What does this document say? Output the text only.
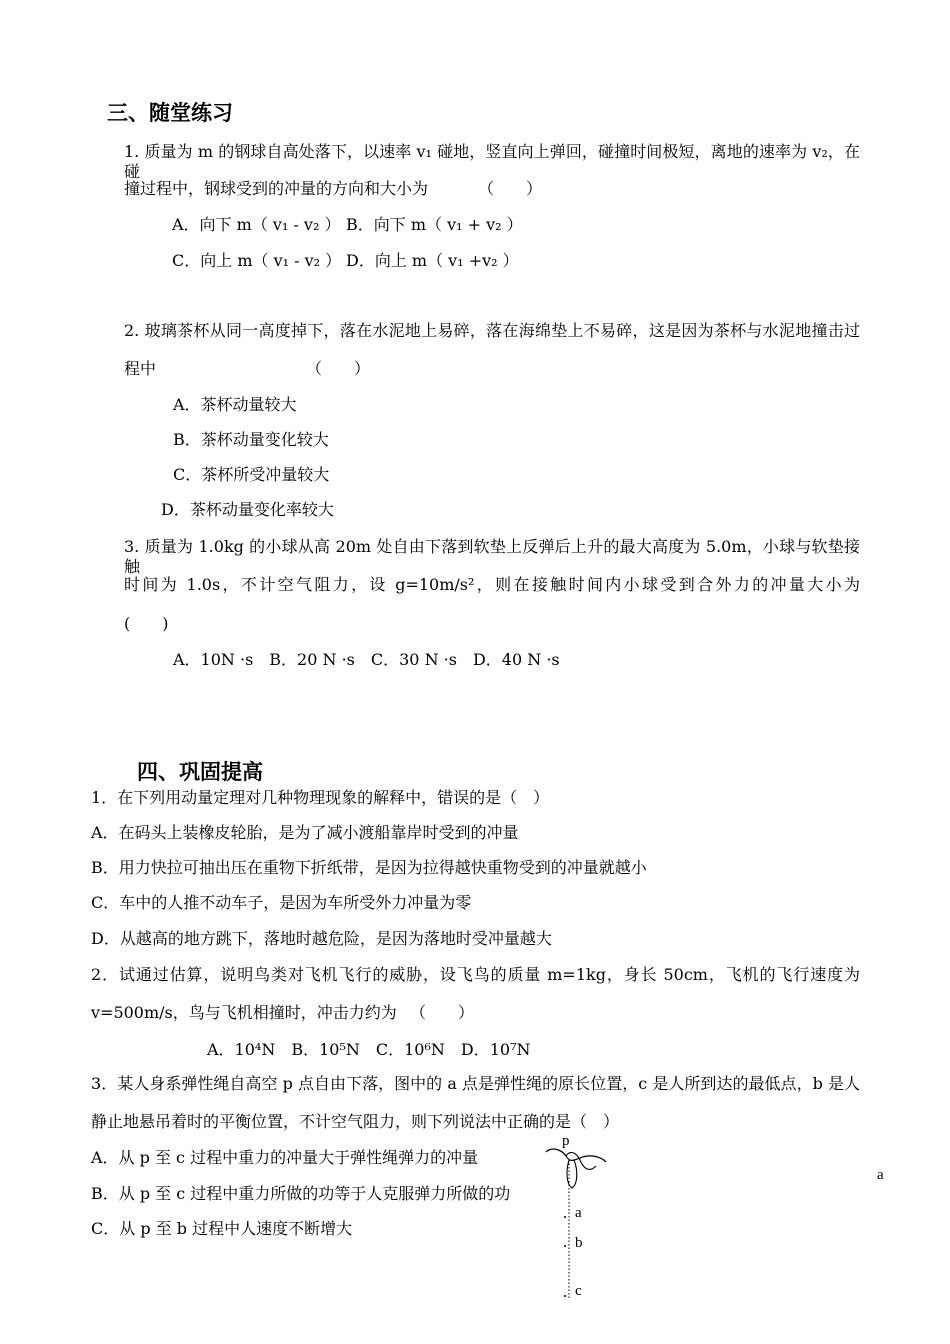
三、随堂练习
1. 质量为 m 的钢球自高处落下，以速率 v₁ 碰地，竖直向上弹回，碰撞时间极短，离地的速率为 v₂，在碰
撞过程中，钢球受到的冲量的方向和大小为	（　　）
A．向下 m（ v₁ - v₂ ） B．向下 m（ v₁ + v₂ ）
C．向上 m（ v₁ - v₂ ） D．向上 m（ v₁ +v₂ ）
2. 玻璃茶杯从同一高度掉下，落在水泥地上易碎，落在海绵垫上不易碎，这是因为茶杯与水泥地撞击过
程中	（　　）
A．茶杯动量较大
B．茶杯动量变化较大
C．茶杯所受冲量较大
D．茶杯动量变化率较大
3. 质量为 1.0kg 的小球从高 20m 处自由下落到软垫上反弹后上升的最大高度为 5.0m，小球与软垫接触
时间为 1.0s，不计空气阻力，设 g=10m/s²，则在接触时间内小球受到合外力的冲量大小为
(　　)
A．10N ·s　B．20 N ·s　C．30 N ·s　D．40 N ·s
四、巩固提高
1．在下列用动量定理对几种物理现象的解释中，错误的是（　）
A．在码头上装橡皮轮胎，是为了减小渡船靠岸时受到的冲量
B．用力快拉可抽出压在重物下折纸带，是因为拉得越快重物受到的冲量就越小
C．车中的人推不动车子，是因为车所受外力冲量为零
D．从越高的地方跳下，落地时越危险，是因为落地时受冲量越大
2．试通过估算，说明鸟类对飞机飞行的威胁，设飞鸟的质量 m=1kg，身长 50cm，飞机的飞行速度为
v=500m/s，鸟与飞机相撞时，冲击力约为 （　　）
A．10⁴N　B．10⁵N　C．10⁶N　D．10⁷N
3．某人身系弹性绳自高空 p 点自由下落，图中的 a 点是弹性绳的原长位置，c 是人所到达的最低点，b 是人
静止地悬吊着时的平衡位置，不计空气阻力，则下列说法中正确的是（　）
A．从 p 至 c 过程中重力的冲量大于弹性绳弹力的冲量
B．从 p 至 c 过程中重力所做的功等于人克服弹力所做的功
C．从 p 至 b 过程中人速度不断增大
p
a
b
c
a
